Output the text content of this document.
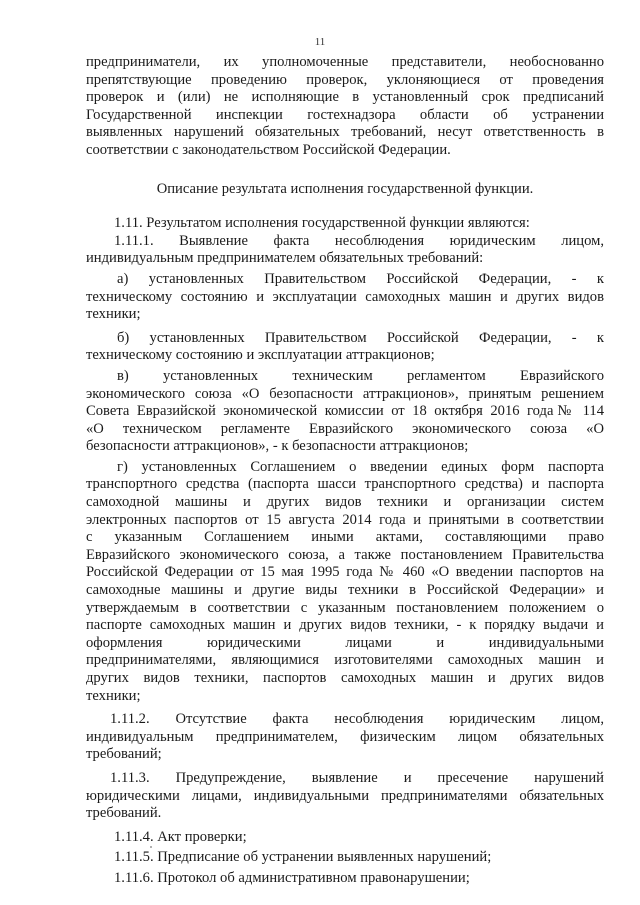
11
предприниматели, их уполномоченные представители, необоснованно
препятствующие проведению проверок, уклоняющиеся от проведения
проверок и (или) не исполняющие в установленный срок предписаний
Государственной инспекции гостехнадзора области об устранении
выявленных нарушений обязательных требований, несут ответственность в
соответствии с законодательством Российской Федерации.
Описание результата исполнения государственной функции.
1.11. Результатом исполнения государственной функции являются:
1.11.1. Выявление факта несоблюдения юридическим лицом,
индивидуальным предпринимателем обязательных требований:
а) установленных Правительством Российской Федерации, - к
техническому состоянию и эксплуатации самоходных машин и других видов
техники;
б) установленных Правительством Российской Федерации, - к
техническому состоянию и эксплуатации аттракционов;
в) установленных техническим регламентом Евразийского
экономического союза «О безопасности аттракционов», принятым решением
Совета Евразийской экономической комиссии от 18 октября 2016 года№ 114
«О техническом регламенте Евразийского экономического союза «О
безопасности аттракционов», - к безопасности аттракционов;
г) установленных Соглашением о введении единых форм паспорта
транспортного средства (паспорта шасси транспортного средства) и паспорта
самоходной машины и других видов техники и организации систем
электронных паспортов от 15 августа 2014 года и принятыми в соответствии
с указанным Соглашением иными актами, составляющими право
Евразийского экономического союза, а также постановлением Правительства
Российской Федерации от 15 мая 1995 года № 460 «О введении паспортов на
самоходные машины и другие виды техники в Российской Федерации» и
утверждаемым в соответствии с указанным постановлением положением о
паспорте самоходных машин и других видов техники, - к порядку выдачи и
оформления юридическими лицами и индивидуальными
предпринимателями, являющимися изготовителями самоходных машин и
других видов техники, паспортов самоходных машин и других видов
техники;
1.11.2. Отсутствие факта несоблюдения юридическим лицом,
индивидуальным предпринимателем, физическим лицом обязательных
требований;
1.11.3. Предупреждение, выявление и пресечение нарушений
юридическими лицами, индивидуальными предпринимателями обязательных
требований.
1.11.4. Акт проверки;
1.11.5. Предписание об устранении выявленных нарушений;
1.11.6. Протокол об административном правонарушении;
